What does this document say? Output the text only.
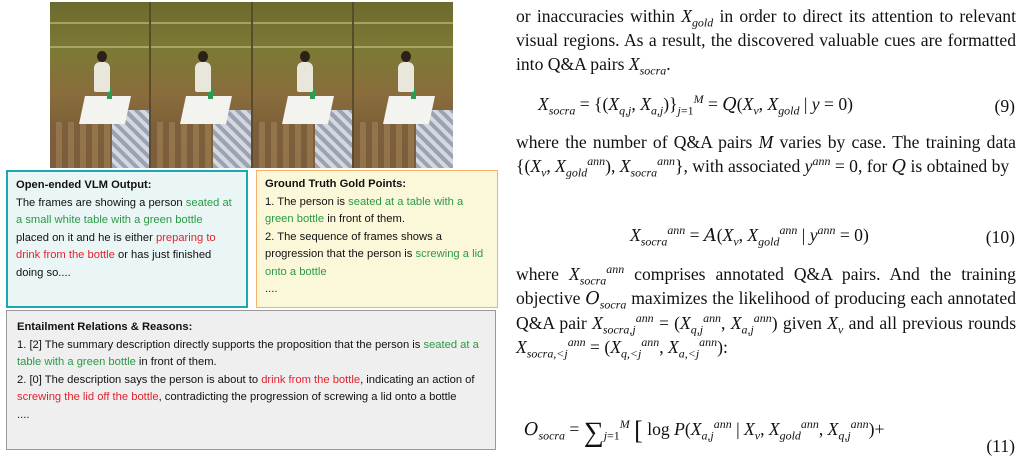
Open-ended VLM Output:
The frames are showing a person seated at a small white table with a green bottle placed on it and he is either preparing to drink from the bottle or has just finished doing so....
Ground Truth Gold Points:
1. The person is seated at a table with a green bottle in front of them.
2. The sequence of frames shows a progression that the person is screwing a lid onto a bottle
....
Entailment Relations & Reasons:
1. [2] The summary description directly supports the proposition that the person is seated at a table with a green bottle in front of them.
2. [0] The description says the person is about to drink from the bottle, indicating an action of screwing the lid off the bottle, contradicting the progression of screwing a lid onto a bottle
....
or inaccuracies within $X_{gold}$ in order to direct its attention to relevant visual regions. As a result, the discovered valuable cues are formatted into Q&A pairs $X_{socra}$.
$X_{socra} = \{(X_{q,j}$, $X_{a,j})\}_{j=1}^M = Q(X_v$, $X_{gold}$ | y = 0)	(9)
where the number of Q&A pairs M varies by case. The training data {($X_v$, $X_{gold}^{ann}$), $X_{socra}^{ann}$}, with associated $y^{ann} = 0$, for Q is obtained by
$X_{socra}^{ann} = A(X_v$, $X_{gold}^{ann}$ | $y^{ann} = 0$)	(10)
where $X_{socra}^{ann}$ comprises annotated Q&A pairs. And the training objective $O_{socra}$ maximizes the likelihood of producing each annotated Q&A pair $X_{socra,j}^{ann} = (X_{q,j}^{ann}$, $X_{a,j}^{ann}$) given $X_v$ and all previous rounds $X_{socra,<j}^{ann} = (X_{q,<j}^{ann}$, $X_{a,<j}^{ann}$):
$O_{socra} = \sum_{j=1}^M$ [ $\log P(X_{a,j}^{ann}$ | $X_v$, $X_{gold}^{ann}$, $X_{q,j}^{ann})+$
(11)
